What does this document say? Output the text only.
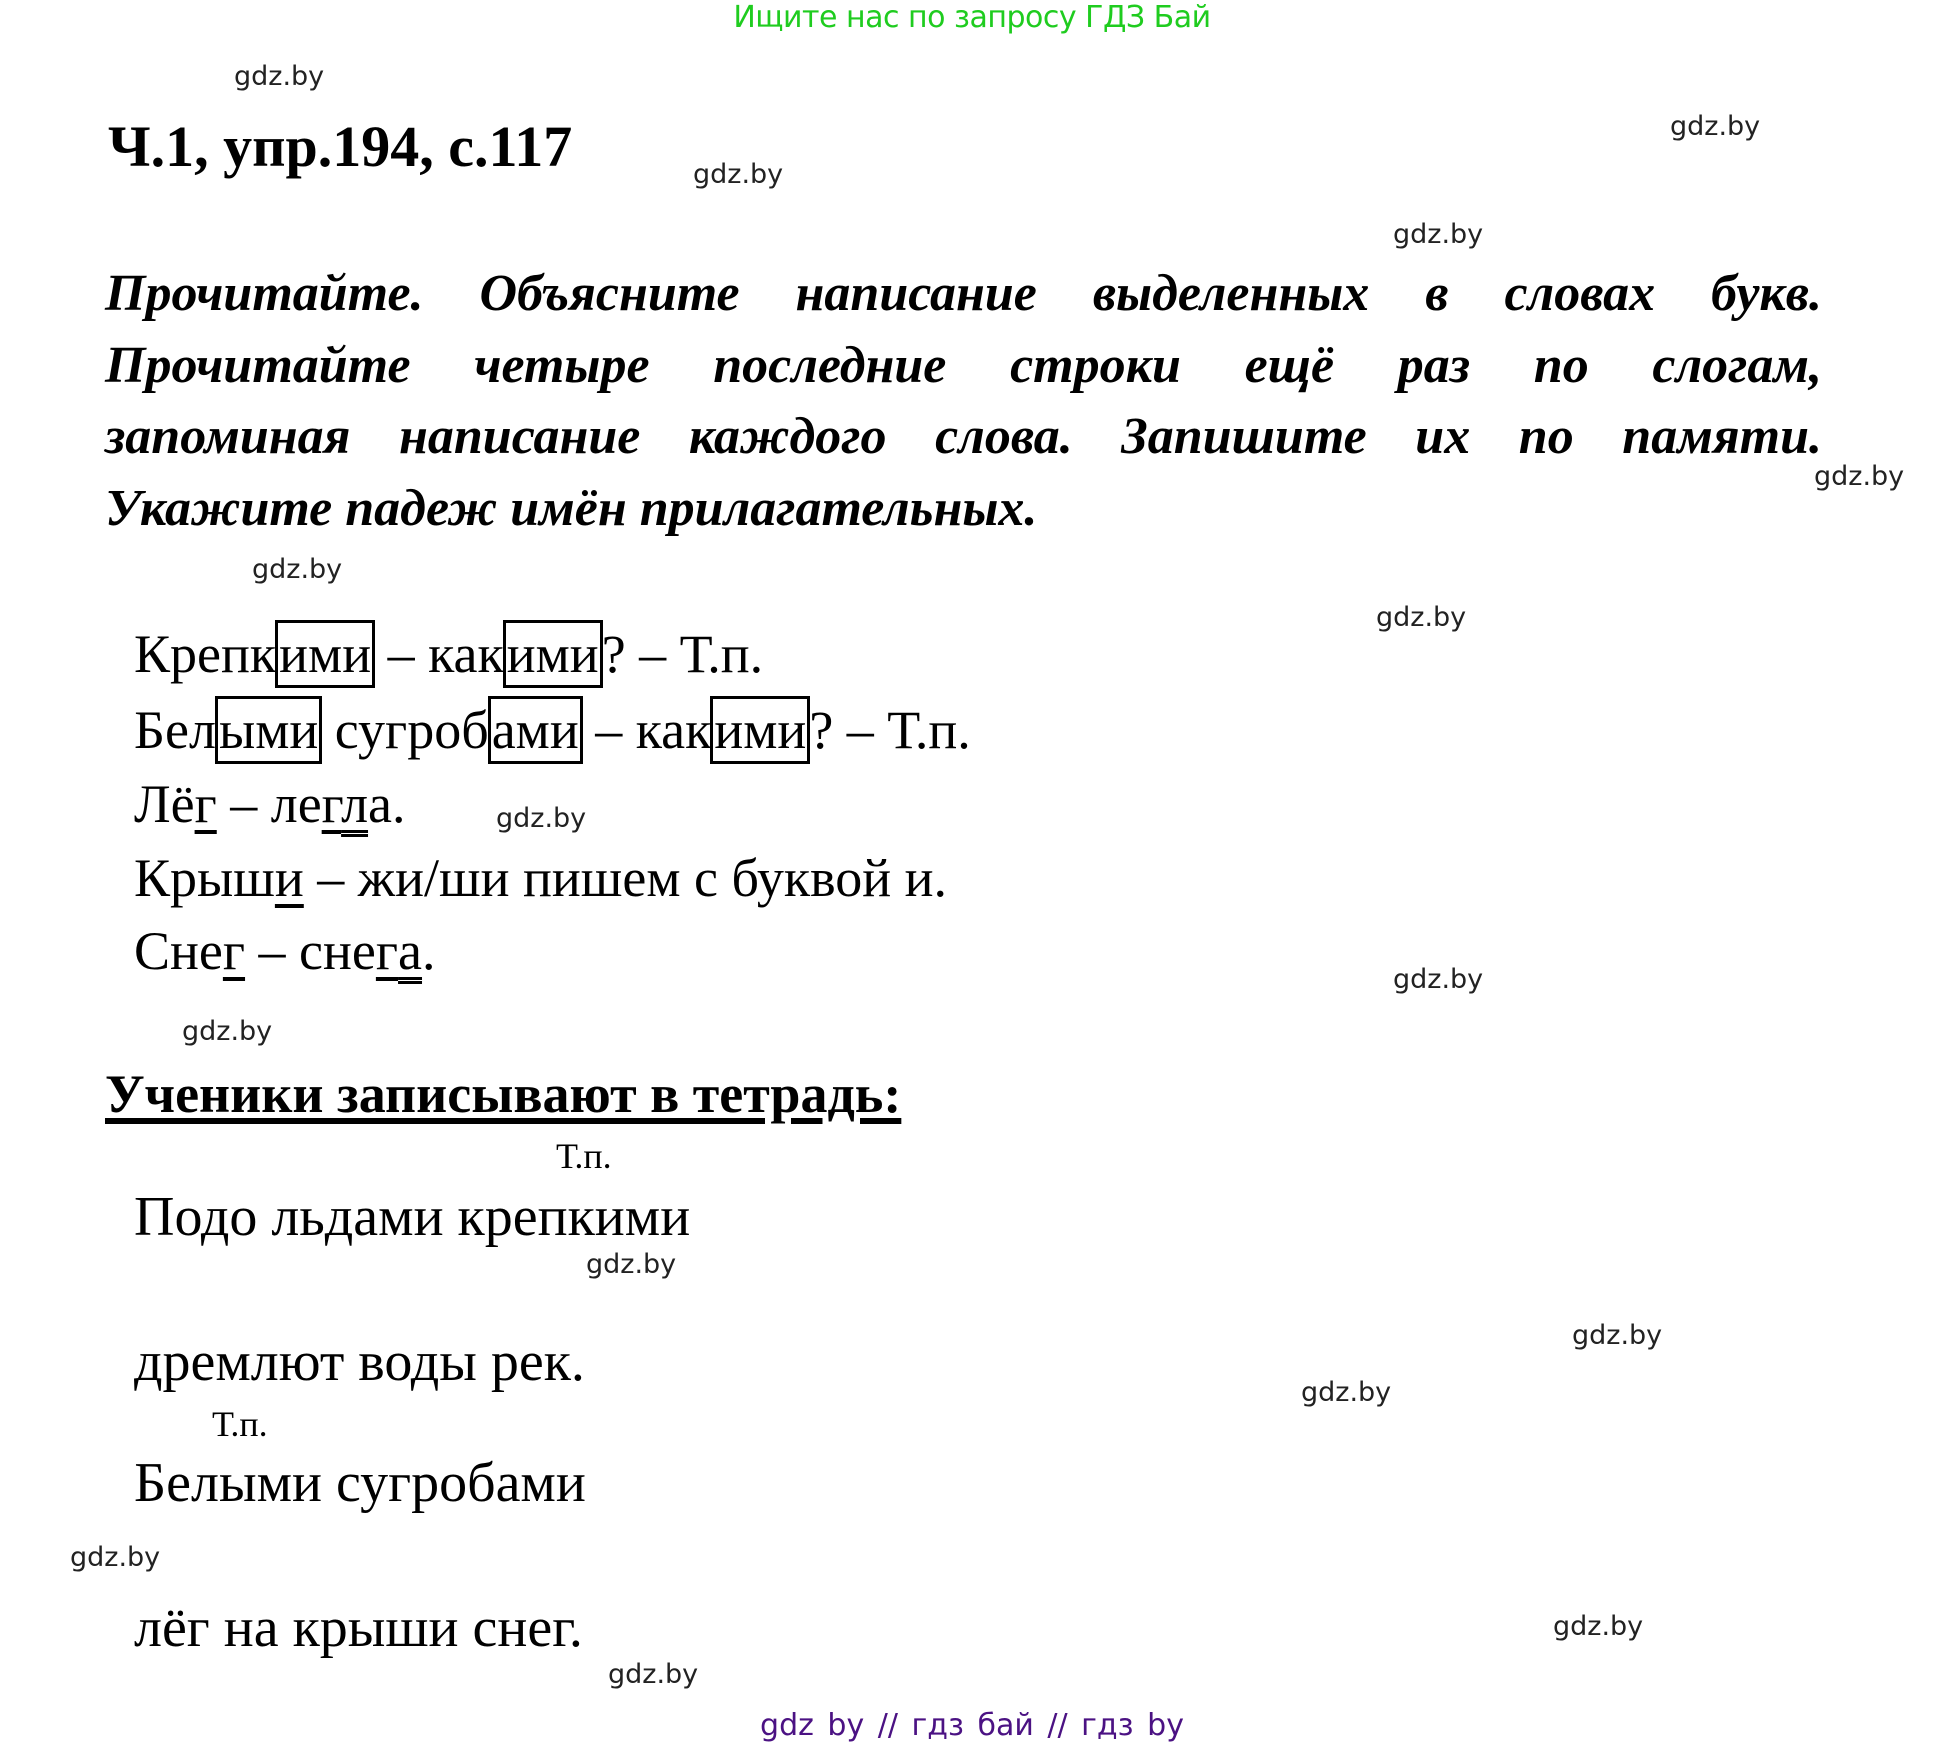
Ищите нас по запросу ГДЗ Бай
gdz.by
gdz.by
gdz.by
gdz.by
gdz.by
gdz.by
gdz.by
gdz.by
gdz.by
gdz.by
gdz.by
gdz.by
gdz.by
gdz.by
gdz.by
gdz.by
Ч.1, упр.194, с.117
Прочитайте. Объясните написание выделенных в словах букв.
Прочитайте четыре последние строки ещё раз по слогам,
запоминая написание каждого слова. Запишите их по памяти.
Укажите падеж имён прилагательных.
Крепкими – какими? – Т.п.
Белыми сугробами – какими? – Т.п.
Лёг – легла.
Крыши – жи/ши пишем с буквой и.
Снег – снега.
Ученики записывают в тетрадь:
Т.п.
Подо льдами крепкими
дремлют воды рек.
Т.п.
Белыми сугробами
лёг на крыши снег.
gdz by // гдз бай // гдз by
